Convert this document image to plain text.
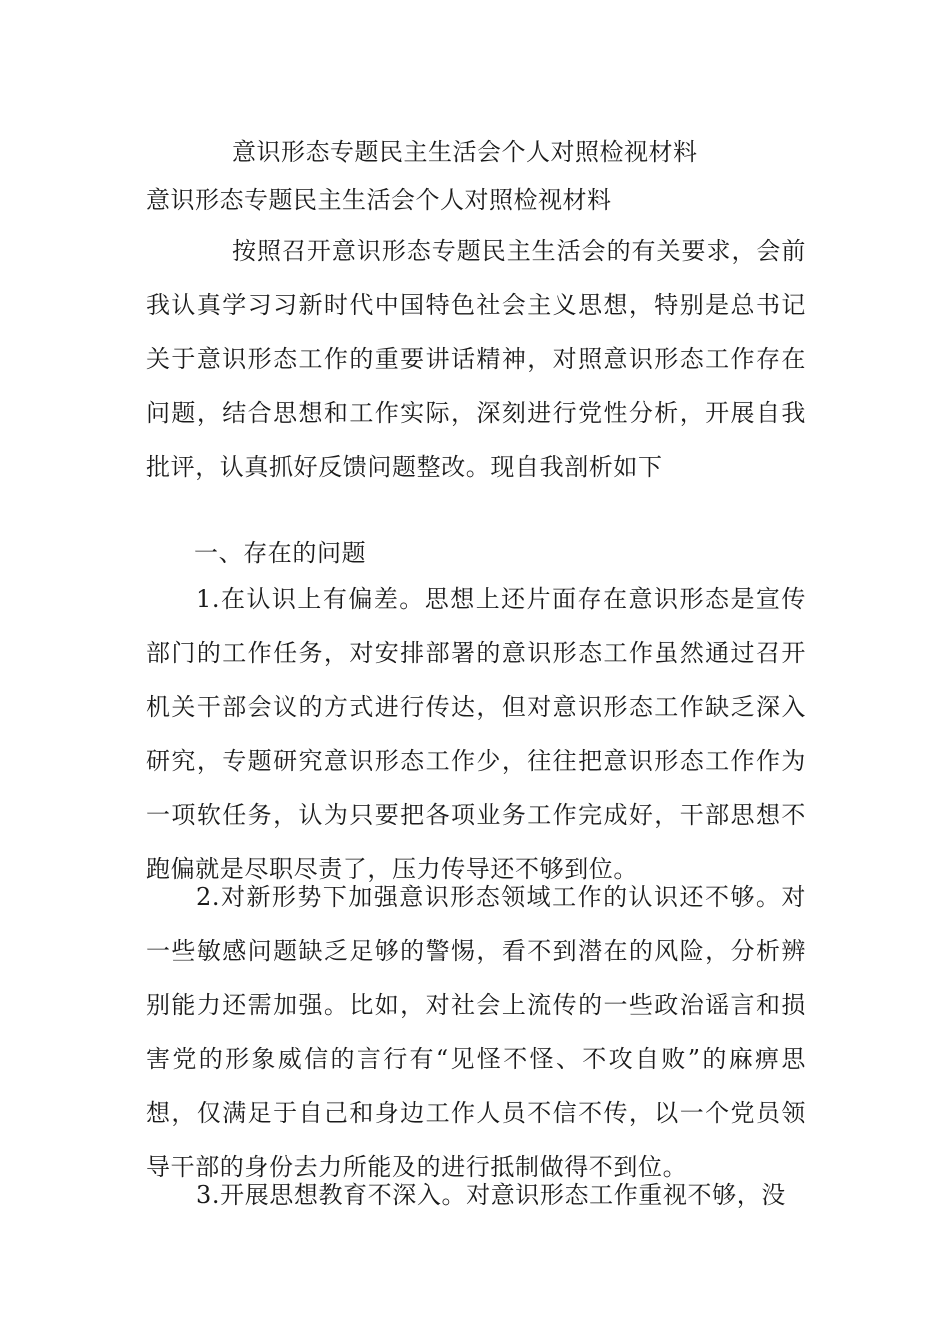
意识形态专题民主生活会个人对照检视材料
意识形态专题民主生活会个人对照检视材料

按照召开意识形态专题民主生活会的有关要求，会前我认真学习习新时代中国特色社会主义思想，特别是总书记关于意识形态工作的重要讲话精神，对照意识形态工作存在问题，结合思想和工作实际，深刻进行党性分析，开展自我批评，认真抓好反馈问题整改。现自我剖析如下

一、存在的问题

1.在认识上有偏差。思想上还片面存在意识形态是宣传部门的工作任务，对安排部署的意识形态工作虽然通过召开机关干部会议的方式进行传达，但对意识形态工作缺乏深入研究，专题研究意识形态工作少，往往把意识形态工作作为一项软任务，认为只要把各项业务工作完成好，干部思想不跑偏就是尽职尽责了，压力传导还不够到位。

2.对新形势下加强意识形态领域工作的认识还不够。对一些敏感问题缺乏足够的警惕，看不到潜在的风险，分析辨别能力还需加强。比如，对社会上流传的一些政治谣言和损害党的形象威信的言行有“见怪不怪、不攻自败”的麻痹思想，仅满足于自己和身边工作人员不信不传，以一个党员领导干部的身份去力所能及的进行抵制做得不到位。

3.开展思想教育不深入。对意识形态工作重视不够，没
